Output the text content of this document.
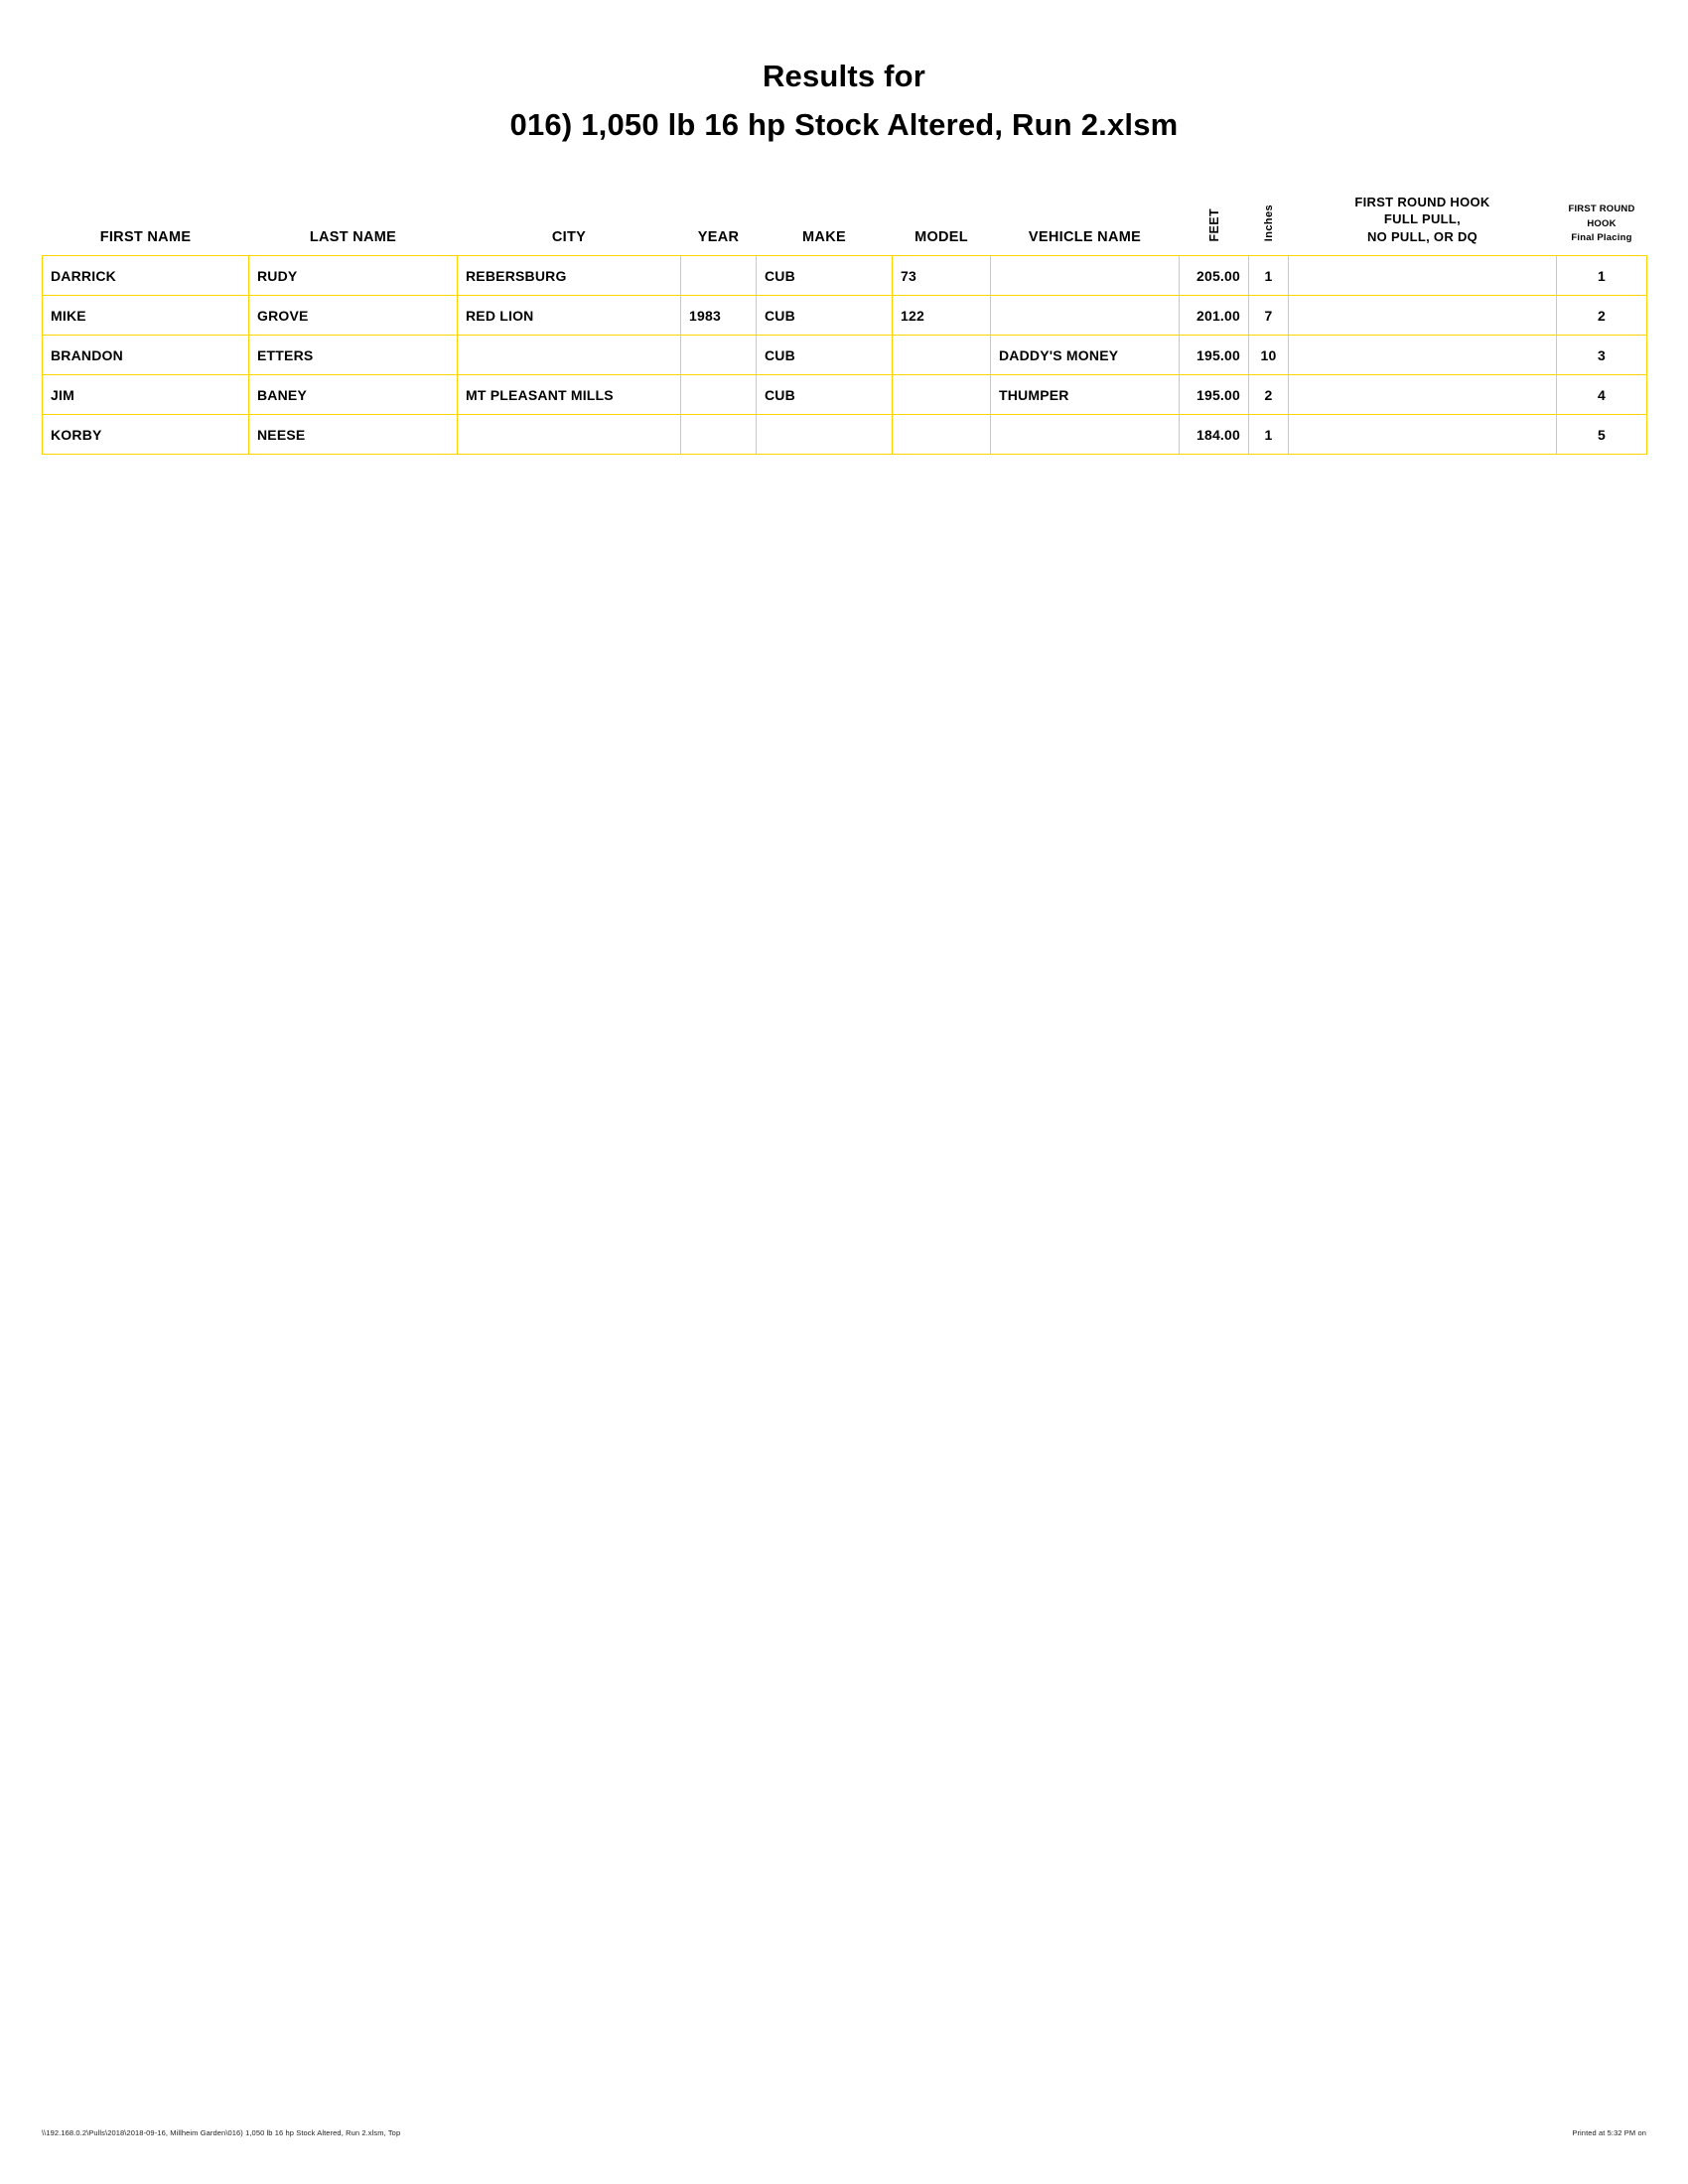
Results for
016) 1,050 lb 16 hp Stock Altered, Run 2.xlsm
FIRST NAME	LAST NAME	CITY	YEAR	MAKE	MODEL	VEHICLE NAME	FEET	Inches	
FIRST ROUND HOOK
FULL PULL,
NO PULL, OR DQ

FIRST ROUND
HOOK
Final Placing

DARRICK	RUDY	REBERSBURG		CUB	73		205.00	1		1
MIKE	GROVE	RED LION	1983	CUB	122		201.00	7		2
BRANDON	ETTERS			CUB		DADDY'S MONEY	195.00	10		3
JIM	BANEY	MT PLEASANT MILLS		CUB		THUMPER	195.00	2		4
KORBY	NEESE						184.00	1		5
\\192.168.0.2\Pulls\2018\2018-09-16, Millheim Garden\016) 1,050 lb 16 hp Stock Altered, Run 2.xlsm, Top	Printed at 5:32 PM on
